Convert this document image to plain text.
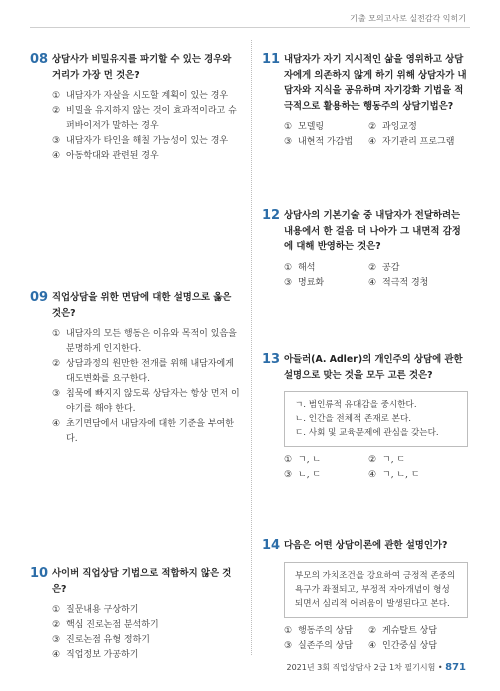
기출 모의고사로 실전감각 익히기
08 상담사가 비밀유지를 파기할 수 있는 경우와 거리가 가장 먼 것은?
① 내담자가 자살을 시도할 계획이 있는 경우
② 비밀을 유지하지 않는 것이 효과적이라고 슈퍼바이저가 말하는 경우
③ 내담자가 타인을 해칠 가능성이 있는 경우
④ 아동학대와 관련된 경우
09 직업상담을 위한 면담에 대한 설명으로 옳은 것은?
① 내담자의 모든 행동은 이유와 목적이 있음을 분명하게 인지한다.
② 상담과정의 원만한 전개를 위해 내담자에게 대도변화를 요구한다.
③ 침묵에 빠지지 않도록 상담자는 항상 먼저 이야기를 해야 한다.
④ 초기면담에서 내담자에 대한 기준을 부여한다.
10 사이버 직업상담 기법으로 적합하지 않은 것은?
① 질문내용 구상하기
② 핵심 진로논점 분석하기
③ 진로논점 유형 정하기
④ 직업정보 가공하기
11 내담자가 자기 지시적인 삶을 영위하고 상담자에게 의존하지 않게 하기 위해 상담자가 내담자와 지식을 공유하며 자기강화 기법을 적극적으로 활용하는 행동주의 상담기법은?
① 모델링	② 과잉교정
③ 내현적 가감법	④ 자기관리 프로그램
12 상담사의 기본기술 중 내담자가 전달하려는 내용에서 한 걸음 더 나아가 그 내면적 감정에 대해 반영하는 것은?
① 해석	② 공감
③ 명료화	④ 적극적 경청
13 아들러(A. Adler)의 개인주의 상담에 관한 설명으로 맞는 것을 모두 고른 것은?
ㄱ. 범인류적 유대감을 중시한다.
ㄴ. 인간을 전체적 존재로 본다.
ㄷ. 사회 및 교육문제에 관심을 갖는다.
① ㄱ, ㄴ	② ㄱ, ㄷ
③ ㄴ, ㄷ	④ ㄱ, ㄴ, ㄷ
14 다음은 어떤 상담이론에 관한 설명인가?
부모의 가치조건을 강요하여 긍정적 존중의 욕구가 좌절되고, 부정적 자아개념이 형성되면서 심리적 어려움이 발생된다고 본다.
① 행동주의 상담	② 게슈탈트 상담
③ 실존주의 상담	④ 인간중심 상담
2021년 3회 직업상담사 2급 1차 필기시험 • 871
